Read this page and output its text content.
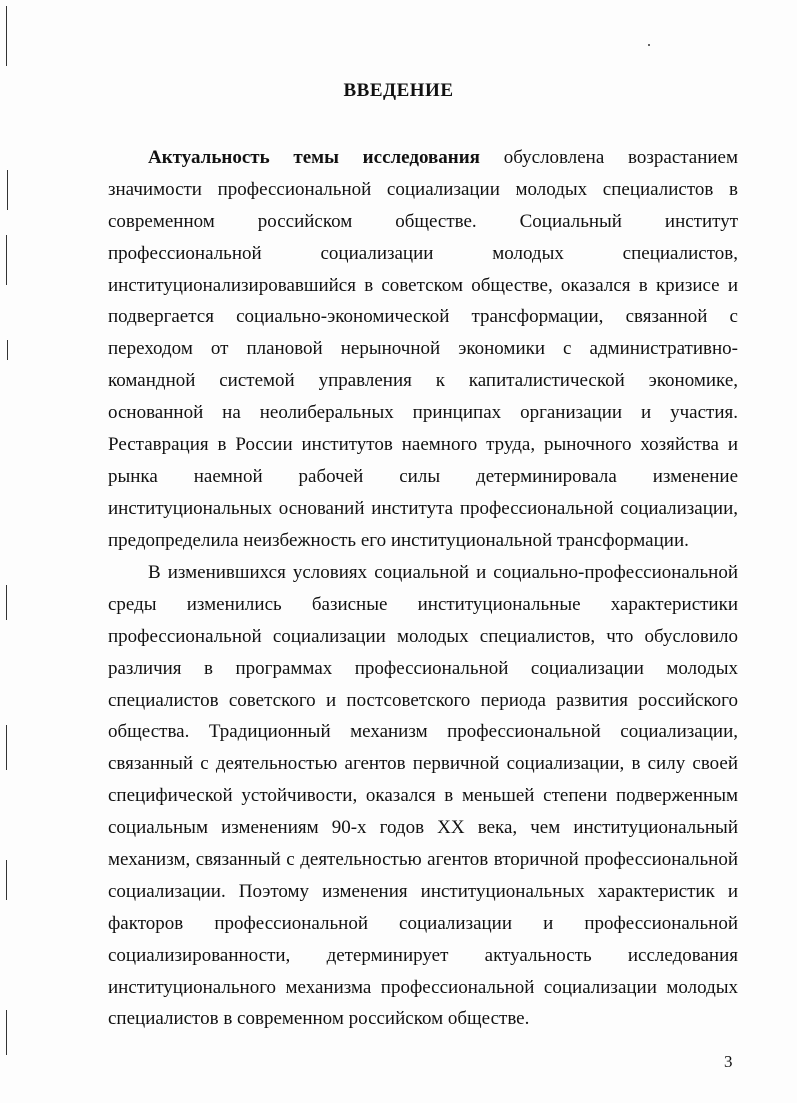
ВВЕДЕНИЕ
Актуальность темы исследования обусловлена возрастанием
значимости профессиональной социализации молодых специалистов в
современном российском обществе. Социальный институт
профессиональной социализации молодых специалистов,
институционализировавшийся в советском обществе, оказался в кризисе и
подвергается социально-экономической трансформации, связанной с
переходом от плановой нерыночной экономики с административно-
командной системой управления к капиталистической экономике,
основанной на неолиберальных принципах организации и участия.
Реставрация в России институтов наемного труда, рыночного хозяйства и
рынка наемной рабочей силы детерминировала изменение
институциональных оснований института профессиональной социализации,
предопределила неизбежность его институциональной трансформации.
В изменившихся условиях социальной и социально-профессиональной
среды изменились базисные институциональные характеристики
профессиональной социализации молодых специалистов, что обусловило
различия в программах профессиональной социализации молодых
специалистов советского и постсоветского периода развития российского
общества. Традиционный механизм профессиональной социализации,
связанный с деятельностью агентов первичной социализации, в силу своей
специфической устойчивости, оказался в меньшей степени подверженным
социальным изменениям 90-х годов XX века, чем институциональный
механизм, связанный с деятельностью агентов вторичной профессиональной
социализации. Поэтому изменения институциональных характеристик и
факторов профессиональной социализации и профессиональной
социализированности, детерминирует актуальность исследования
институционального механизма профессиональной социализации молодых
специалистов в современном российском обществе.
3
